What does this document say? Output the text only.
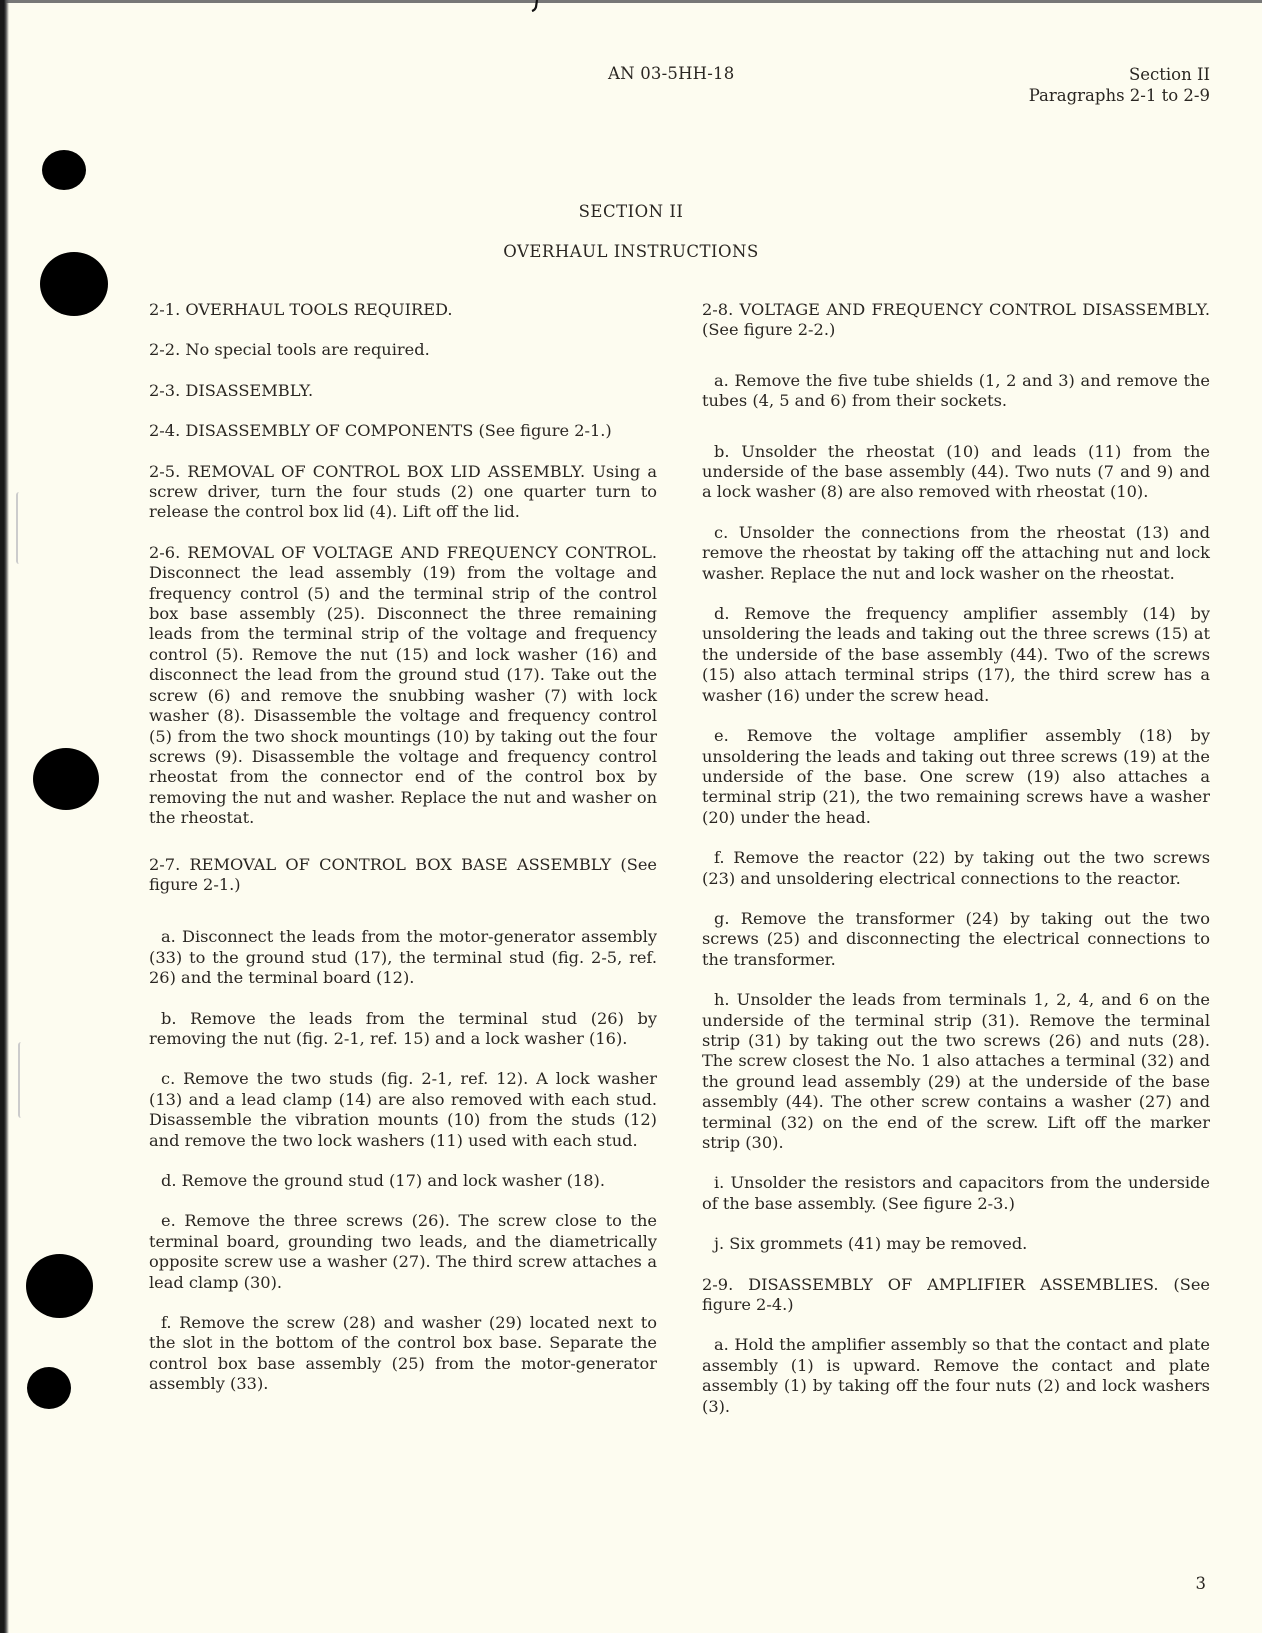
AN 03-5HH-18	Section II
Paragraphs 2-1 to 2-9
SECTION II
OVERHAUL INSTRUCTIONS

2-1. OVERHAUL TOOLS REQUIRED.

2-2. No special tools are required.

2-3. DISASSEMBLY.

2-4. DISASSEMBLY OF COMPONENTS (See figure 2-1.)

2-5. REMOVAL OF CONTROL BOX LID ASSEMBLY. Using a screw driver, turn the four studs (2) one quarter turn to release the control box lid (4). Lift off the lid.

2-6. REMOVAL OF VOLTAGE AND FREQUENCY CONTROL. Disconnect the lead assembly (19) from the voltage and frequency control (5) and the terminal strip of the control box base assembly (25). Disconnect the three remaining leads from the terminal strip of the voltage and frequency control (5). Remove the nut (15) and lock washer (16) and disconnect the lead from the ground stud (17). Take out the screw (6) and remove the snubbing washer (7) with lock washer (8). Disassemble the voltage and frequency control (5) from the two shock mountings (10) by taking out the four screws (9). Disassemble the voltage and frequency control rheostat from the connector end of the control box by removing the nut and washer. Replace the nut and washer on the rheostat.

2-7. REMOVAL OF CONTROL BOX BASE ASSEMBLY (See figure 2-1.)

a. Disconnect the leads from the motor-generator assembly (33) to the ground stud (17), the terminal stud (fig. 2-5, ref. 26) and the terminal board (12).

b. Remove the leads from the terminal stud (26) by removing the nut (fig. 2-1, ref. 15) and a lock washer (16).

c. Remove the two studs (fig. 2-1, ref. 12). A lock washer (13) and a lead clamp (14) are also removed with each stud. Disassemble the vibration mounts (10) from the studs (12) and remove the two lock washers (11) used with each stud.

d. Remove the ground stud (17) and lock washer (18).

e. Remove the three screws (26). The screw close to the terminal board, grounding two leads, and the diametrically opposite screw use a washer (27). The third screw attaches a lead clamp (30).

f. Remove the screw (28) and washer (29) located next to the slot in the bottom of the control box base. Separate the control box base assembly (25) from the motor-generator assembly (33).

2-8. VOLTAGE AND FREQUENCY CONTROL DISASSEMBLY. (See figure 2-2.)

a. Remove the five tube shields (1, 2 and 3) and remove the tubes (4, 5 and 6) from their sockets.

b. Unsolder the rheostat (10) and leads (11) from the underside of the base assembly (44). Two nuts (7 and 9) and a lock washer (8) are also removed with rheostat (10).

c. Unsolder the connections from the rheostat (13) and remove the rheostat by taking off the attaching nut and lock washer. Replace the nut and lock washer on the rheostat.

d. Remove the frequency amplifier assembly (14) by unsoldering the leads and taking out the three screws (15) at the underside of the base assembly (44). Two of the screws (15) also attach terminal strips (17), the third screw has a washer (16) under the screw head.

e. Remove the voltage amplifier assembly (18) by unsoldering the leads and taking out three screws (19) at the underside of the base. One screw (19) also attaches a terminal strip (21), the two remaining screws have a washer (20) under the head.

f. Remove the reactor (22) by taking out the two screws (23) and unsoldering electrical connections to the reactor.

g. Remove the transformer (24) by taking out the two screws (25) and disconnecting the electrical connections to the transformer.

h. Unsolder the leads from terminals 1, 2, 4, and 6 on the underside of the terminal strip (31). Remove the terminal strip (31) by taking out the two screws (26) and nuts (28). The screw closest the No. 1 also attaches a terminal (32) and the ground lead assembly (29) at the underside of the base assembly (44). The other screw contains a washer (27) and terminal (32) on the end of the screw. Lift off the marker strip (30).

i. Unsolder the resistors and capacitors from the underside of the base assembly. (See figure 2-3.)

j. Six grommets (41) may be removed.

2-9. DISASSEMBLY OF AMPLIFIER ASSEMBLIES. (See figure 2-4.)

a. Hold the amplifier assembly so that the contact and plate assembly (1) is upward. Remove the contact and plate assembly (1) by taking off the four nuts (2) and lock washers (3).

3
